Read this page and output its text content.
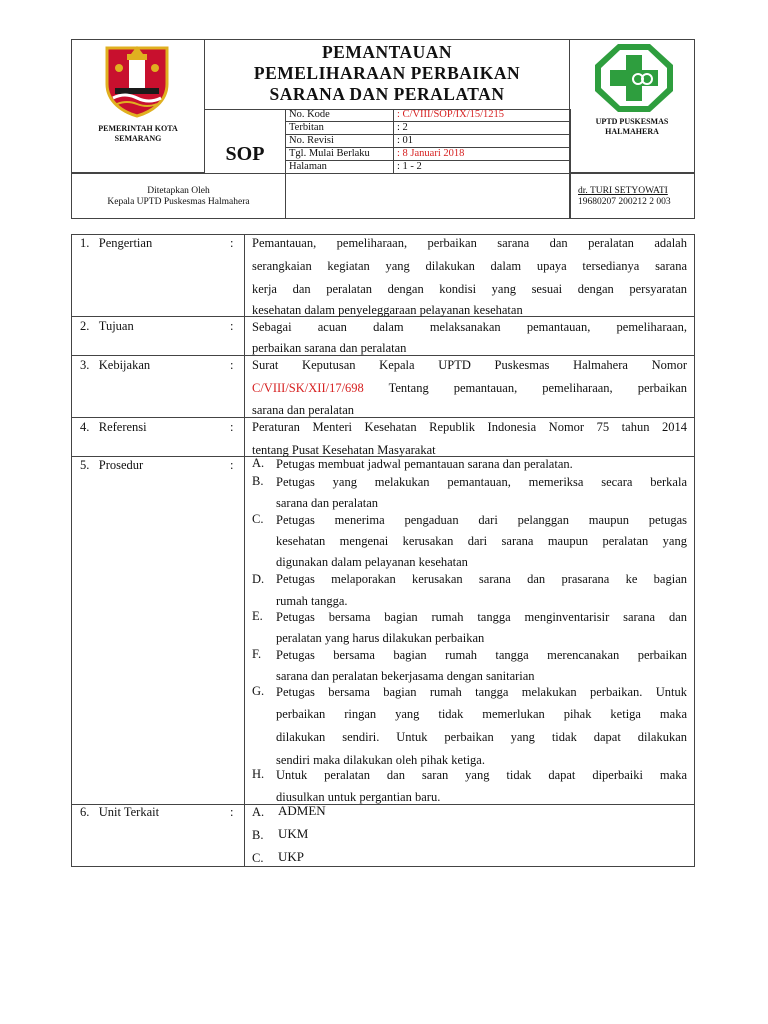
PEMERINTAH KOTA SEMARANG
PEMANTAUAN
PEMELIHARAAN PERBAIKAN
SARANA DAN PERALATAN
SOP
No. Kode	: C/VIII/SOP/IX/15/1215
Terbitan	: 2
No. Revisi	: 01
Tgl. Mulai Berlaku	: 8 Januari 2018
Halaman	: 1 - 2
UPTD PUSKESMAS HALMAHERA
Ditetapkan Oleh
Kepala UPTD Puskesmas Halmahera
dr. TURI SETYOWATI
19680207 200212 2 003
1. Pengertian	: Pemantauan, pemeliharaan, perbaikan sarana dan peralatan adalah
serangkaian kegiatan yang dilakukan dalam upaya tersedianya sarana
kerja dan peralatan dengan kondisi yang sesuai dengan persyaratan
kesehatan dalam penyeleggaraan pelayanan kesehatan
2. Tujuan	: Sebagai acuan dalam melaksanakan pemantauan, pemeliharaan,
perbaikan sarana dan peralatan
3. Kebijakan	: Surat Keputusan Kepala UPTD Puskesmas Halmahera Nomor
C/VIII/SK/XII/17/698 Tentang pemantauan, pemeliharaan, perbaikan
sarana dan peralatan
4. Referensi	: Peraturan Menteri Kesehatan Republik Indonesia Nomor 75 tahun 2014
tentang Pusat Kesehatan Masyarakat
5. Prosedur	: A. Petugas membuat jadwal pemantauan sarana dan peralatan.
B. Petugas yang melakukan pemantauan, memeriksa secara berkala
sarana dan peralatan
C. Petugas menerima pengaduan dari pelanggan maupun petugas
kesehatan mengenai kerusakan dari sarana maupun peralatan yang
digunakan dalam pelayanan kesehatan
D. Petugas melaporakan kerusakan sarana dan prasarana ke bagian
rumah tangga.
E. Petugas bersama bagian rumah tangga menginventarisir sarana dan
peralatan yang harus dilakukan perbaikan
F. Petugas bersama bagian rumah tangga merencanakan perbaikan
sarana dan peralatan bekerjasama dengan sanitarian
G. Petugas bersama bagian rumah tangga melakukan perbaikan. Untuk
perbaikan ringan yang tidak memerlukan pihak ketiga maka
dilakukan sendiri. Untuk perbaikan yang tidak dapat dilakukan
sendiri maka dilakukan oleh pihak ketiga.
H. Untuk peralatan dan saran yang tidak dapat diperbaiki maka
diusulkan untuk pergantian baru.
6. Unit Terkait	: A. ADMEN
B. UKM
C. UKP
